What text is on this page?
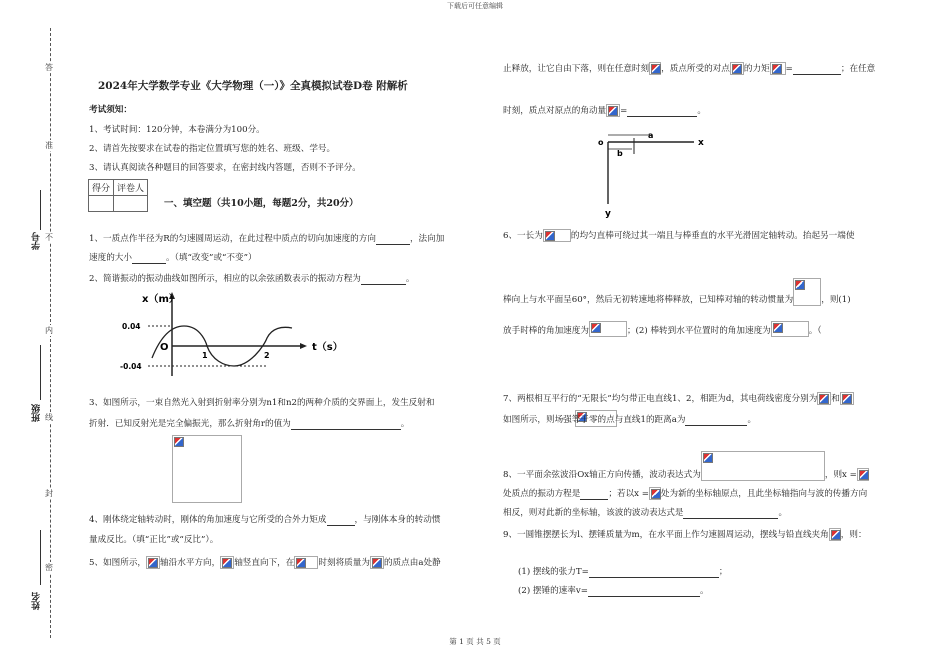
下载后可任意编辑
第 1 页 共 5 页
答
准
不
内
线
封
密
学号
班级
姓名
2024年大学数学专业《大学物理（一）》全真模拟试卷D卷 附解析
考试须知：
1、考试时间：120分钟，本卷满分为100分。
2、请首先按要求在试卷的指定位置填写您的姓名、班级、学号。
3、请认真阅读各种题目的回答要求，在密封线内答题，否则不予评分。
得分	评卷人

一、填空题（共10小题，每题2分，共20分）
1、一质点作半径为R的匀速圆周运动，在此过程中质点的切向加速度的方向	，法向加
速度的大小	。（填“改变”或“不变”）
2、简谐振动的振动曲线如图所示，相应的以余弦函数表示的振动方程为	。
x（m）
t（s）
0.04
-0.04
O
1	2
3、如图所示，一束自然光入射到折射率分别为n1和n2的两种介质的交界面上，发生反射和
折射．已知反射光是完全偏振光，那么折射角r的值为	。

4、刚体绕定轴转动时，刚体的角加速度与它所受的合外力矩成	，与刚体本身的转动惯
量成反比。（填“正比”或“反比”）。
5、如图所示， 轴沿水平方向， 轴竖直向下，在	时刻将质量为 的质点由a处静
止释放，让它自由下落，则在任意时刻 ，质点所受的对点 的力矩 =	；在任意
时刻，质点对原点的角动量 =	。
o
a
b
x
y
6、一长为	的均匀直棒可绕过其一端且与棒垂直的水平光滑固定轴转动。抬起另一端使
棒向上与水平面呈60°，然后无初转速地将棒释放，已知棒对轴的转动惯量为	，则(1)
放手时棒的角加速度为	；(2) 棒转到水平位置时的角加速度为	。（
7、两根相互平行的“无限长”均匀带正电直线1、2，相距为d，其电荷线密度分别为 和
如图所示，则场强等于零的点与直线1的距离a为	。
8、一平面余弦波沿Ox轴正方向传播，波动表达式为	，则x =
处质点的振动方程是	；若以x = 处为新的坐标轴原点，且此坐标轴指向与波的传播方向
相反，则对此新的坐标轴，该波的波动表达式是	。
9、一圆锥摆摆长为l、摆锤质量为m，在水平面上作匀速圆周运动，摆线与铅直线夹角 ，则：
(1) 摆线的张力T=	；
(2) 摆锤的速率v=	。
